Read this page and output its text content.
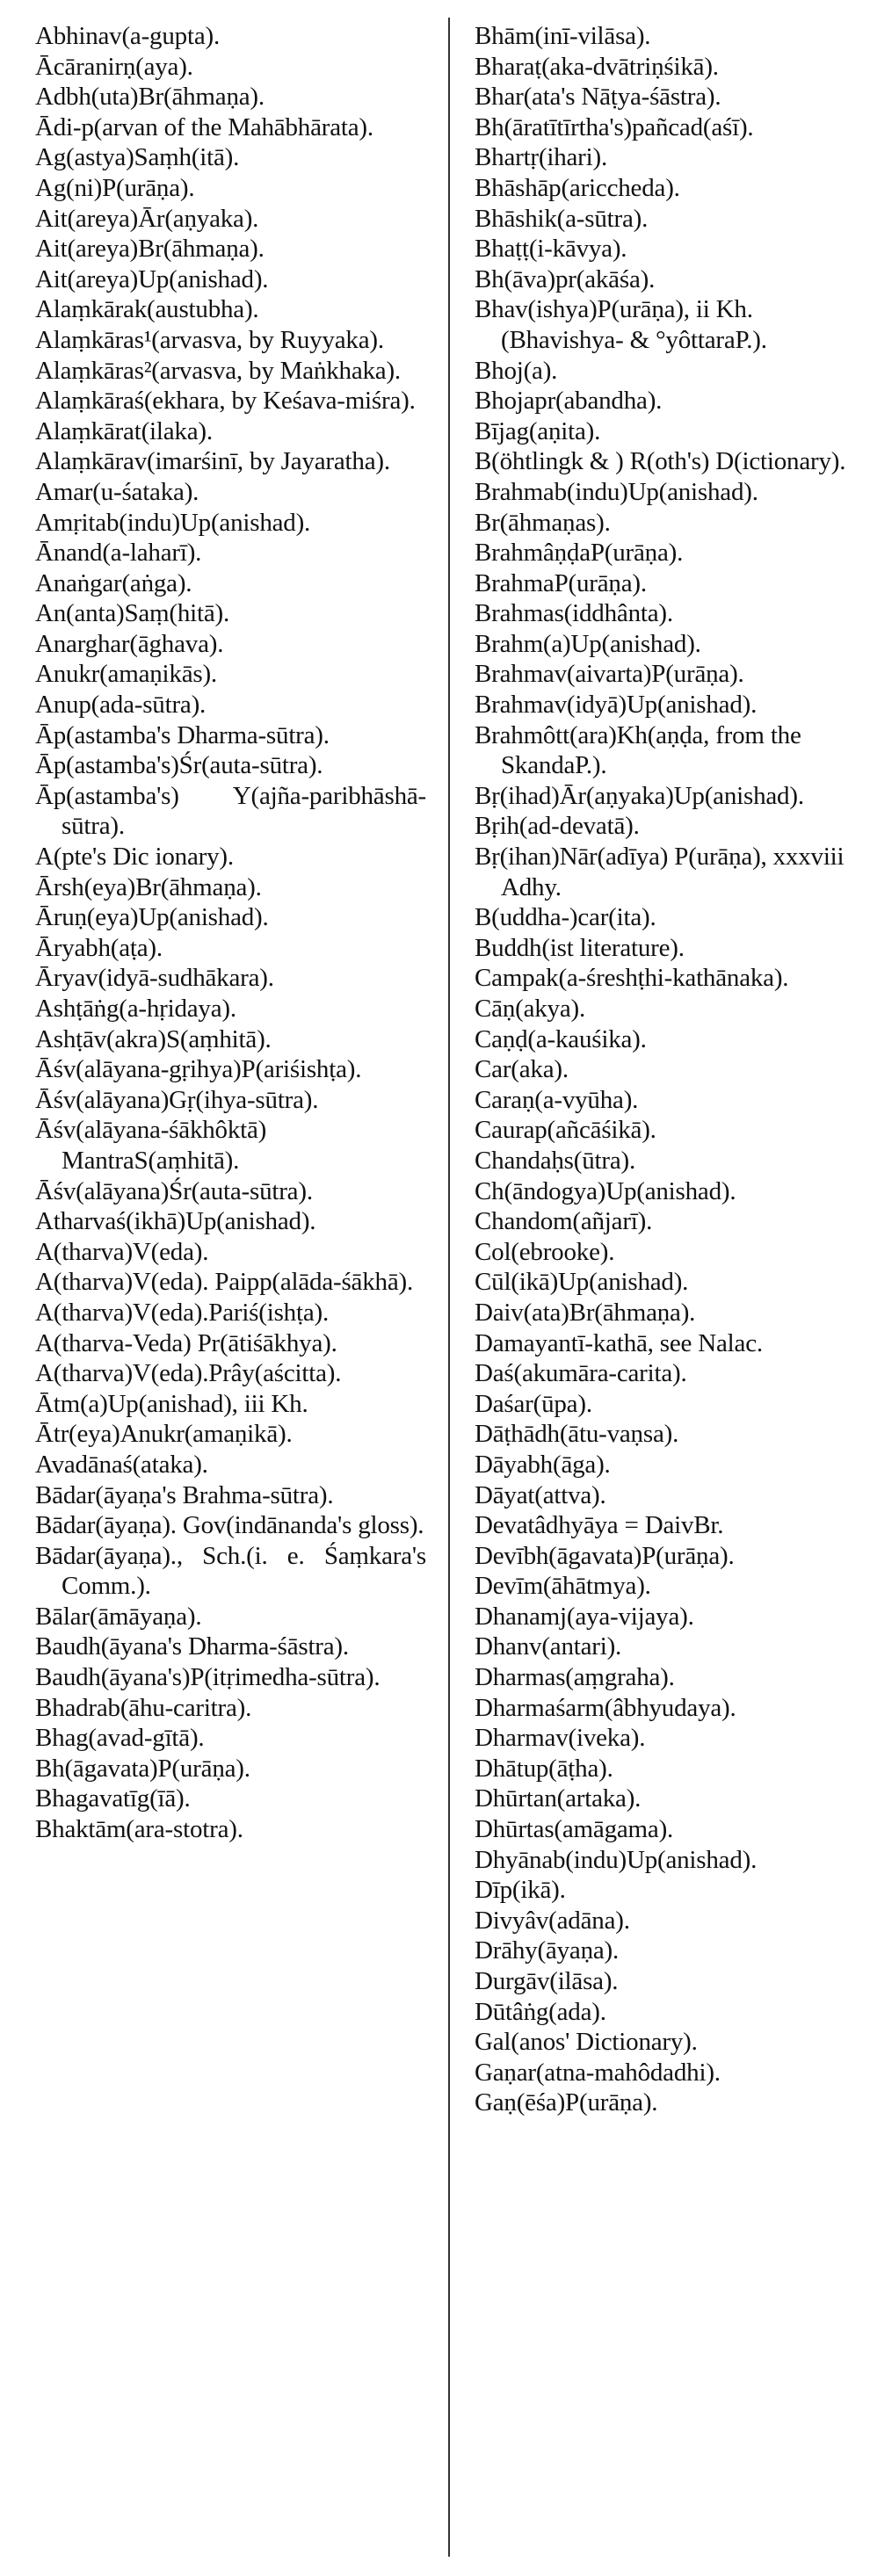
Abhinav(a-gupta).
Ācāranirṇ(aya).
Adbh(uta)Br(āhmaṇa).
Ādi-p(arvan of the Mahābhārata).
Ag(astya)Saṃh(itā).
Ag(ni)P(urāṇa).
Ait(areya)Ār(aṇyaka).
Ait(areya)Br(āhmaṇa).
Ait(areya)Up(anishad).
Alaṃkārak(austubha).
Alaṃkāras¹(arvasva, by Ruyyaka).
Alaṃkāras²(arvasva, by Maṅkhaka).
Alaṃkāraś(ekhara, by Keśava-miśra).
Alaṃkārat(ilaka).
Alaṃkārav(imarśinī, by Jayaratha).
Amar(u-śataka).
Amṛitab(indu)Up(anishad).
Ānand(a-laharī).
Anaṅgar(aṅga).
An(anta)Saṃ(hitā).
Anarghar(āghava).
Anukr(amaṇikās).
Anup(ada-sūtra).
Āp(astamba's Dharma-sūtra).
Āp(astamba's)Śr(auta-sūtra).
Āp(astamba's) Y(ajña-paribhāshā-sūtra).
A(pte's Dic ionary).
Ārsh(eya)Br(āhmaṇa).
Āruṇ(eya)Up(anishad).
Āryabh(aṭa).
Āryav(idyā-sudhākara).
Ashṭāṅg(a-hṛidaya).
Ashṭāv(akra)S(aṃhitā).
Āśv(alāyana-gṛihya)P(ariśishṭa).
Āśv(alāyana)Gṛ(ihya-sūtra).
Āśv(alāyana-śākhôktā) MantraS(aṃhitā).
Āśv(alāyana)Śr(auta-sūtra).
Atharvaś(ikhā)Up(anishad).
A(tharva)V(eda).
A(tharva)V(eda). Paipp(alāda-śākhā).
A(tharva)V(eda).Pariś(ishṭa).
A(tharva-Veda) Pr(ātiśākhya).
A(tharva)V(eda).Prây(aścitta).
Ātm(a)Up(anishad), iii Kh.
Ātr(eya)Anukr(amaṇikā).
Avadānaś(ataka).
Bādar(āyaṇa's Brahma-sūtra).
Bādar(āyaṇa). Gov(indānanda's gloss).
Bādar(āyaṇa)., Sch.(i. e. Śaṃkara's Comm.).
Bālar(āmāyaṇa).
Baudh(āyana's Dharma-śāstra).
Baudh(āyana's)P(itṛimedha-sūtra).
Bhadrab(āhu-caritra).
Bhag(avad-gītā).
Bh(āgavata)P(urāṇa).
Bhagavatīg(īā).
Bhaktām(ara-stotra).
Bhām(inī-vilāsa).
Bharaṭ(aka-dvātriṇśikā).
Bhar(ata's Nāṭya-śāstra).
Bh(āratītīrtha's)pañcad(aśī).
Bhartṛ(ihari).
Bhāshāp(ariccheda).
Bhāshik(a-sūtra).
Bhaṭṭ(i-kāvya).
Bh(āva)pr(akāśa).
Bhav(ishya)P(urāṇa), ii Kh. (Bhavishya- & °yôttaraP.).
Bhoj(a).
Bhojapr(abandha).
Bījag(aṇita).
B(öhtlingk & ) R(oth's) D(ictionary).
Brahmab(indu)Up(anishad).
Br(āhmaṇas).
BrahmâṇḍaP(urāṇa).
BrahmaP(urāṇa).
Brahmas(iddhânta).
Brahm(a)Up(anishad).
Brahmav(aivarta)P(urāṇa).
Brahmav(idyā)Up(anishad).
Brahmôtt(ara)Kh(aṇḍa, from the SkandaP.).
Bṛ(ihad)Ār(aṇyaka)Up(anishad).
Bṛih(ad-devatā).
Bṛ(ihan)Nār(adīya) P(urāṇa), xxxviii Adhy.
B(uddha-)car(ita).
Buddh(ist literature).
Campak(a-śreshṭhi-kathānaka).
Cāṇ(akya).
Caṇḍ(a-kauśika).
Car(aka).
Caraṇ(a-vyūha).
Caurap(añcāśikā).
Chandaḥs(ūtra).
Ch(āndogya)Up(anishad).
Chandom(añjarī).
Col(ebrooke).
Cūl(ikā)Up(anishad).
Daiv(ata)Br(āhmaṇa).
Damayantī-kathā, see Nalac.
Daś(akumāra-carita).
Daśar(ūpa).
Dāṭhādh(ātu-vaṇsa).
Dāyabh(āga).
Dāyat(attva).
Devatâdhyāya = DaivBr.
Devībh(āgavata)P(urāṇa).
Devīm(āhātmya).
Dhanamj(aya-vijaya).
Dhanv(antari).
Dharmas(aṃgraha).
Dharmaśarm(âbhyudaya).
Dharmav(iveka).
Dhātup(āṭha).
Dhūrtan(artaka).
Dhūrtas(amāgama).
Dhyānab(indu)Up(anishad).
Dīp(ikā).
Divyâv(adāna).
Drāhy(āyaṇa).
Durgāv(ilāsa).
Dūtâṅg(ada).
Gal(anos' Dictionary).
Gaṇar(atna-mahôdadhi).
Gaṇ(ēśa)P(urāṇa).
